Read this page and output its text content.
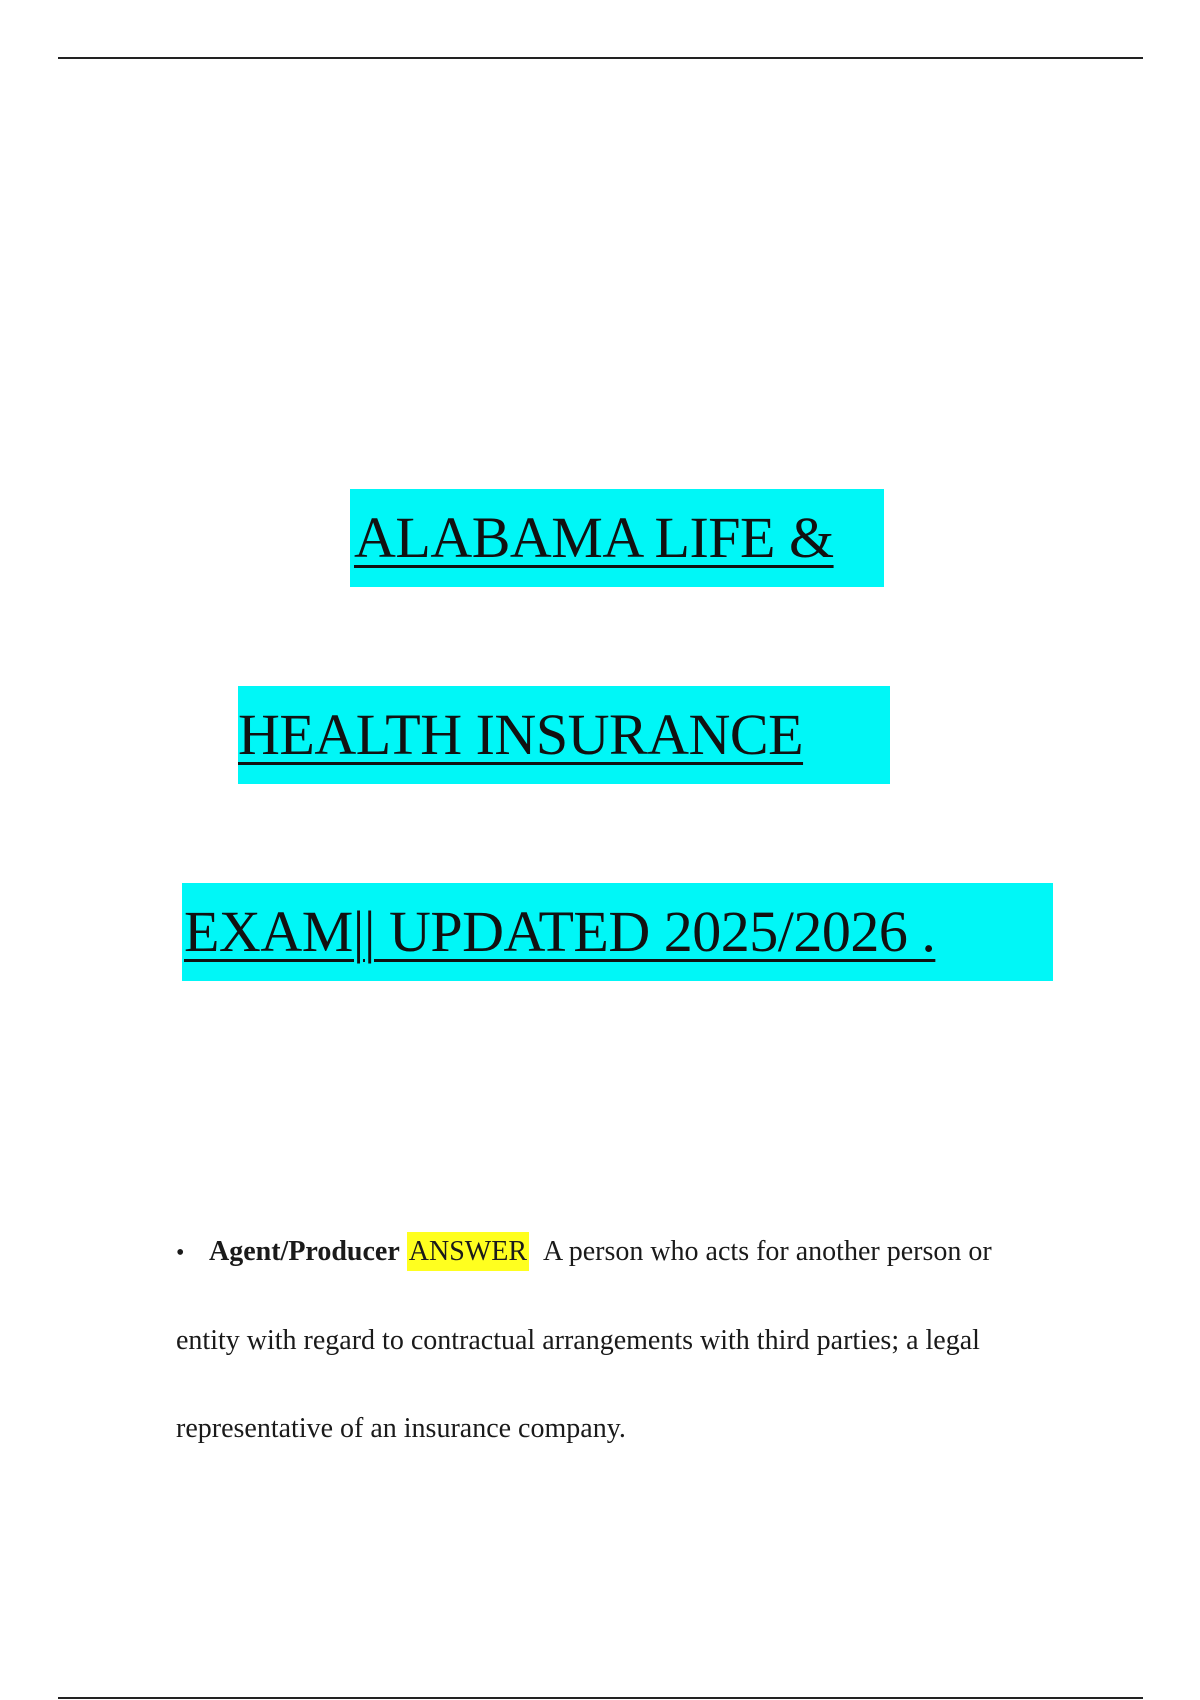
ALABAMA LIFE &
HEALTH INSURANCE
EXAM|| UPDATED 2025/2026 .
• Agent/Producer ANSWER A person who acts for another person or
entity with regard to contractual arrangements with third parties; a legal
representative of an insurance company.
